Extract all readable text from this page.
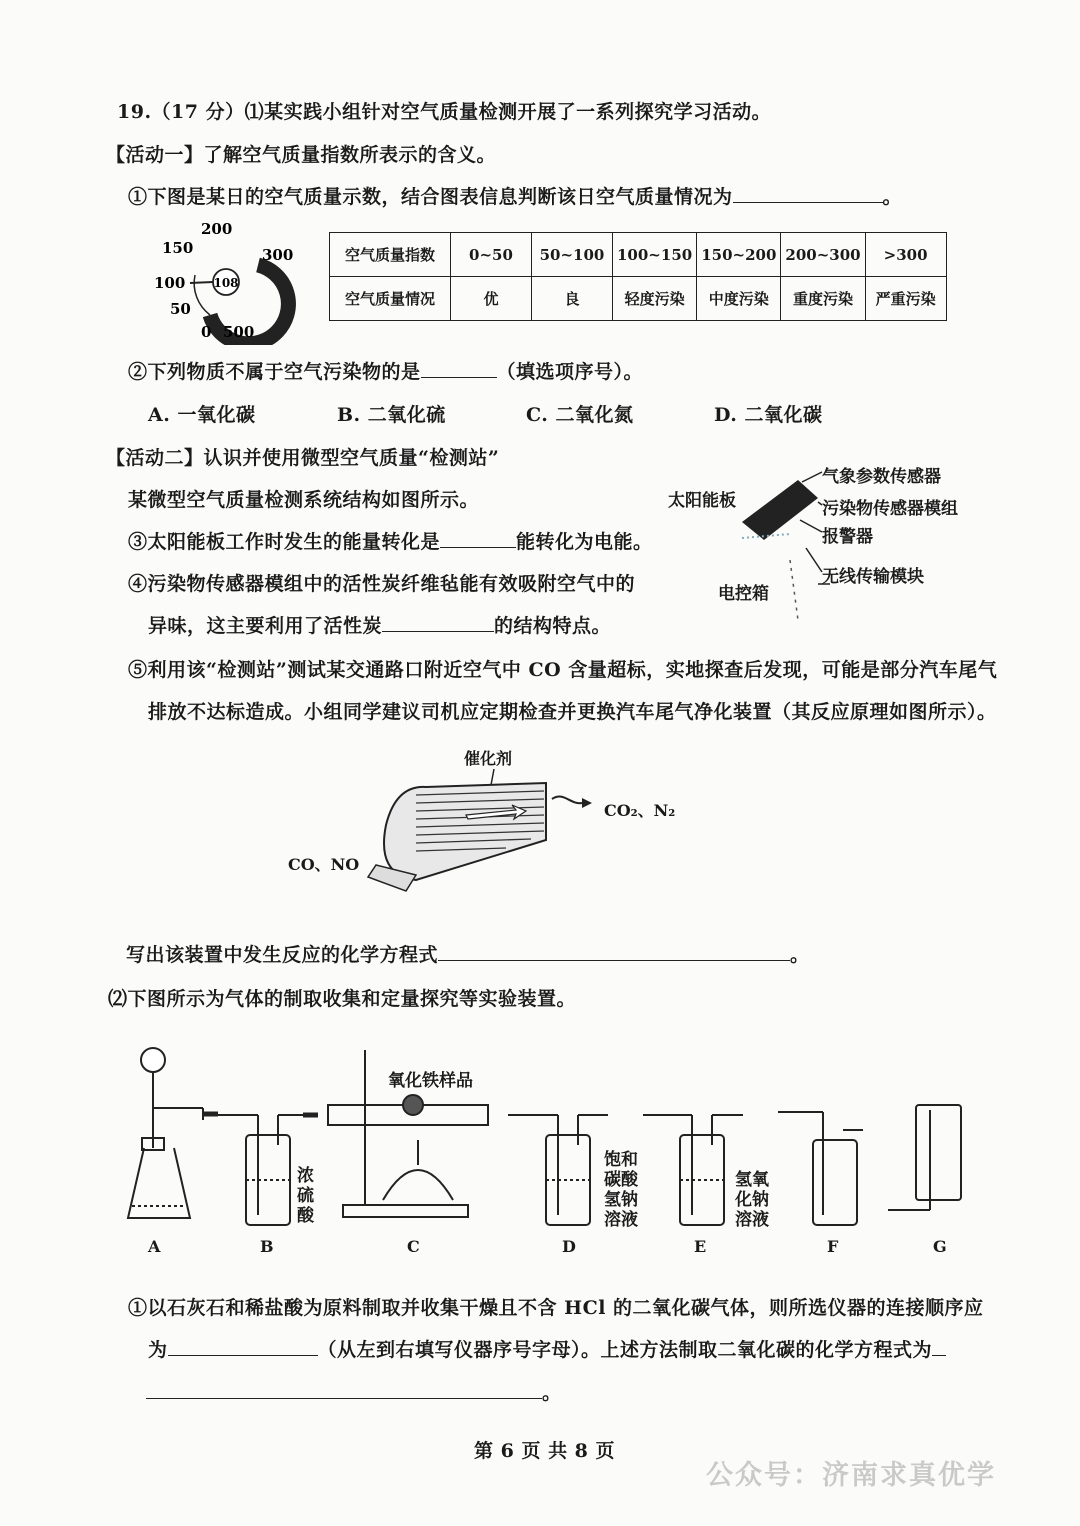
19.（17 分）⑴某实践小组针对空气质量检测开展了一系列探究学习活动。
【活动一】了解空气质量指数所表示的含义。
①下图是某日的空气质量示数，结合图表信息判断该日空气质量情况为	。
108
200
150	300
100
50
0 500
空气质量指数	0~50	50~100	100~150	150~200	200~300	>300
空气质量情况	优	良	轻度污染	中度污染	重度污染	严重污染
②下列物质不属于空气污染物的是	（填选项序号）。
A. 一氧化碳	B. 二氧化硫	C. 二氧化氮	D. 二氧化碳
【活动二】认识并使用微型空气质量“检测站”
某微型空气质量检测系统结构如图所示。
③太阳能板工作时发生的能量转化是	能转化为电能。
④污染物传感器模组中的活性炭纤维毡能有效吸附空气中的
异味，这主要利用了活性炭	的结构特点。
太阳能板
气象参数传感器
污染物传感器模组
报警器
无线传输模块
电控箱
⑤利用该“检测站”测试某交通路口附近空气中 CO 含量超标，实地探查后发现，可能是部分汽车尾气
排放不达标造成。小组同学建议司机应定期检查并更换汽车尾气净化装置（其反应原理如图所示）。
催化剂
CO₂、N₂
CO、NO
写出该装置中发生反应的化学方程式	。
⑵下图所示为气体的制取收集和定量探究等实验装置。
氧化铁样品
浓硫酸
饱和碳酸氢钠溶液
氢氧化钠溶液
A	B	C	D	E	F	G
①以石灰石和稀盐酸为原料制取并收集干燥且不含 HCl 的二氧化碳气体，则所选仪器的连接顺序应
为	（从左到右填写仪器序号字母）。上述方法制取二氧化碳的化学方程式为
。
第 6 页 共 8 页
公众号：济南求真优学
